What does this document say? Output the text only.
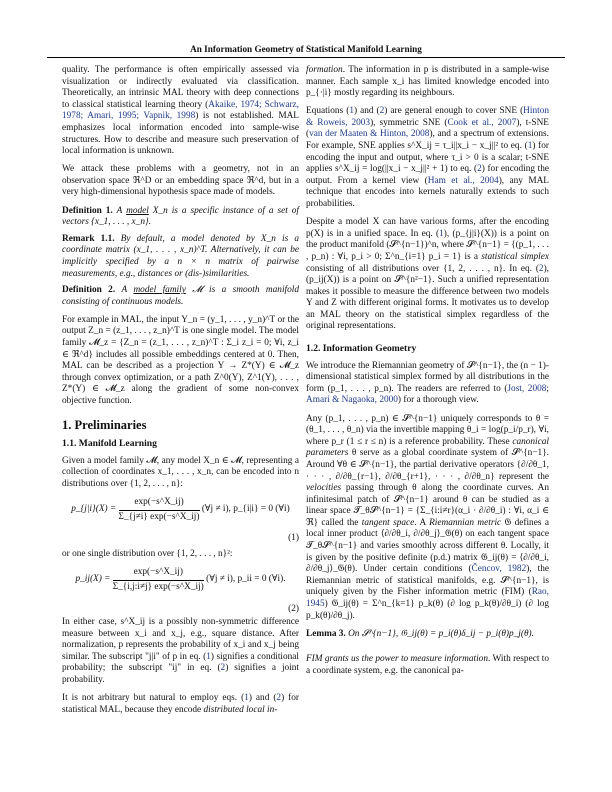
An Information Geometry of Statistical Manifold Learning

quality. The performance is often empirically assessed via visualization or indirectly evaluated via classification. Theoretically, an intrinsic MAL theory with deep connections to classical statistical learning theory (Akaike, 1974; Schwarz, 1978; Amari, 1995; Vapnik, 1998) is not established. MAL emphasizes local information encoded into sample-wise structures. How to describe and measure such preservation of local information is unknown.

We attack these problems with a geometry, not in an observation space ℜ^D or an embedding space ℜ^d, but in a very high-dimensional hypothesis space made of models.

Definition 1. A model X_n is a specific instance of a set of vectors {x_1, . . . , x_n}.

Remark 1.1. By default, a model denoted by X_n is a coordinate matrix (x_1, . . . , x_n)^T. Alternatively, it can be implicitly specified by a n × n matrix of pairwise measurements, e.g., distances or (dis-)similarities.

Definition 2. A model family 𝓜 is a smooth manifold consisting of continuous models.

For example in MAL, the input Y_n = (y_1, . . . , y_n)^T or the output Z_n = (z_1, . . . , z_n)^T is one single model. The model family 𝓜_z = {Z_n = (z_1, . . . , z_n)^T : Σ_i z_i = 0; ∀i, z_i ∈ ℜ^d} includes all possible embeddings centered at 0. Then, MAL can be described as a projection Y → Z*(Y) ∈ 𝓜_z through convex optimization, or a path Z^0(Y), Z^1(Y), . . . , Z*(Y) ∈ 𝓜_z along the gradient of some non-convex objective function.

1. Preliminaries
1.1. Manifold Learning

Given a model family 𝓜, any model X_n ∈ 𝓜, representing a collection of coordinates x_1, . . . , x_n, can be encoded into n distributions over {1, 2, . . . , n}:

p_{j|i}(X) = $\frac{\exp(-s\^{}X\_ij)}{\Sigma\_\{j\ne i\} \exp(-s\^{}X\_ij)}$ (∀j ≠ i), p_{i|i} = 0 (∀i)
(1)

or one single distribution over {1, 2, . . . , n}²:

p_ij(X) = $\frac{\exp(-s\^{}X\_ij)}{\Sigma\_\{i,j:i\ne j\} \exp(-s\^{}X\_ij)}$ (∀j ≠ i), p_ii = 0 (∀i).
(2)

In either case, s^X_ij is a possibly non-symmetric difference measure between x_i and x_j, e.g., square distance. After normalization, p represents the probability of x_i and x_j being similar. The subscript "j|i" of p in eq. (1) signifies a conditional probability; the subscript "ij" in eq. (2) signifies a joint probability.

It is not arbitrary but natural to employ eqs. (1) and (2) for statistical MAL, because they encode distributed local in-

formation. The information in p is distributed in a sample-wise manner. Each sample x_i has limited knowledge encoded into p_{·|i} mostly regarding its neighbours.

Equations (1) and (2) are general enough to cover SNE (Hinton & Roweis, 2003), symmetric SNE (Cook et al., 2007), t-SNE (van der Maaten & Hinton, 2008), and a spectrum of extensions. For example, SNE applies s^X_ij = τ_i||x_i − x_j||² to eq. (1) for encoding the input and output, where τ_i > 0 is a scalar; t-SNE applies s^X_ij = log(||x_i − x_j||² + 1) to eq. (2) for encoding the output. From a kernel view (Ham et al., 2004), any MAL technique that encodes into kernels naturally extends to such probabilities.

Despite a model X can have various forms, after the encoding p(X) is in a unified space. In eq. (1), (p_{j|i}(X)) is a point on the product manifold (𝓢^{n−1})^n, where 𝓢^{n−1} = {(p_1, . . . , p_n) : ∀i, p_i > 0; Σ^n_{i=1} p_i = 1} is a statistical simplex consisting of all distributions over {1, 2, . . . , n}. In eq. (2), (p_ij(X)) is a point on 𝓢^{n²−1}. Such a unified representation makes it possible to measure the difference between two models Y and Z with different original forms. It motivates us to develop an MAL theory on the statistical simplex regardless of the original representations.

1.2. Information Geometry

We introduce the Riemannian geometry of 𝓢^{n−1}, the (n − 1)-dimensional statistical simplex formed by all distributions in the form (p_1, . . . , p_n). The readers are referred to (Jost, 2008; Amari & Nagaoka, 2000) for a thorough view.

Any (p_1, . . . , p_n) ∈ 𝓢^{n−1} uniquely corresponds to θ = (θ_1, . . . , θ_n) via the invertible mapping θ_i = log(p_i/p_r), ∀i, where p_r (1 ≤ r ≤ n) is a reference probability. These canonical parameters θ serve as a global coordinate system of 𝓢^{n−1}. Around ∀θ ∈ 𝓢^{n−1}, the partial derivative operators {∂/∂θ_1, · · · , ∂/∂θ_{r−1}, ∂/∂θ_{r+1}, · · · , ∂/∂θ_n} represent the velocities passing through θ along the coordinate curves. An infinitesimal patch of 𝓢^{n−1} around θ can be studied as a linear space 𝓣_θ𝓢^{n−1} = {Σ_{i:i≠r}(α_i · ∂/∂θ_i) : ∀i, α_i ∈ ℜ} called the tangent space. A Riemannian metric 𝔊 defines a local inner product ⟨∂/∂θ_i, ∂/∂θ_j⟩_𝔊(θ) on each tangent space 𝓣_θ𝓢^{n−1} and varies smoothly across different θ. Locally, it is given by the positive definite (p.d.) matrix 𝔊_ij(θ) = ⟨∂/∂θ_i, ∂/∂θ_j⟩_𝔊(θ). Under certain conditions (Čencov, 1982), the Riemannian metric of statistical manifolds, e.g. 𝓢^{n−1}, is uniquely given by the Fisher information metric (FIM) (Rao, 1945) 𝔊_ij(θ) = Σ^n_{k=1} p_k(θ) (∂ log p_k(θ)/∂θ_i) (∂ log p_k(θ)/∂θ_j).

Lemma 3. On 𝓢^{n−1}, 𝔊_ij(θ) = p_i(θ)δ_ij − p_i(θ)p_j(θ).

FIM grants us the power to measure information. With respect to a coordinate system, e.g. the canonical pa-
